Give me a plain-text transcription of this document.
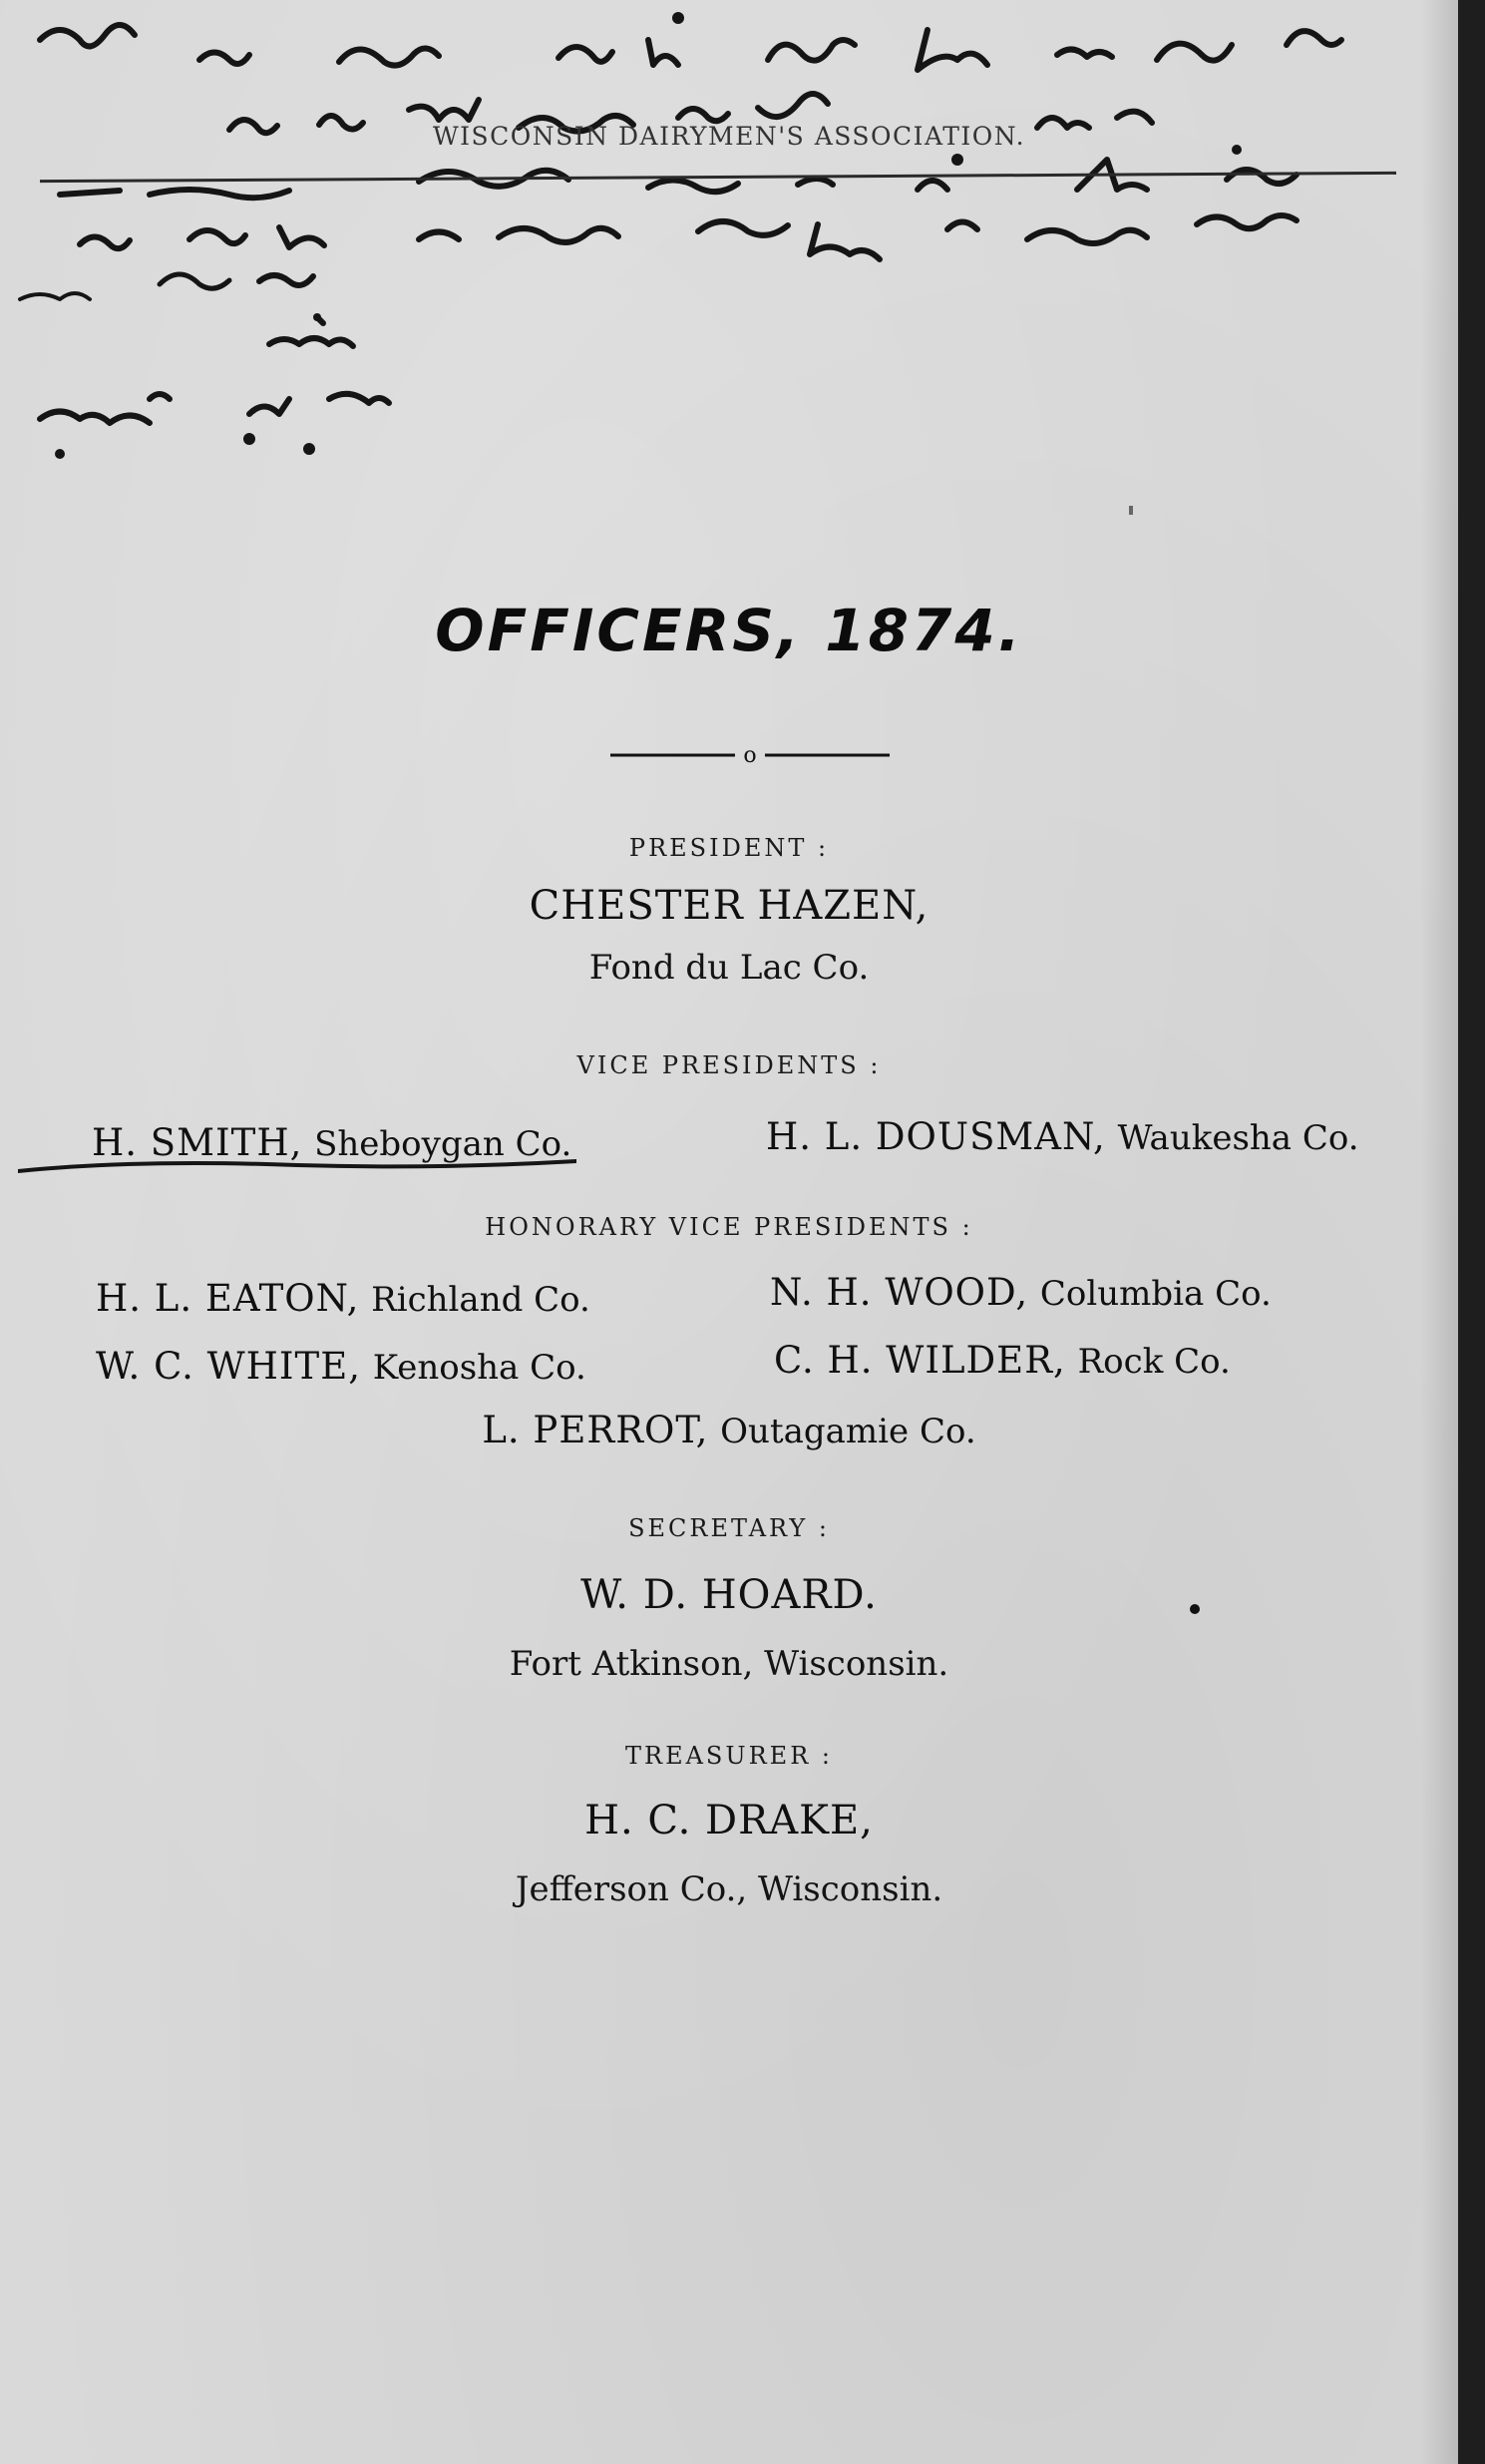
WISCONSIN DAIRYMEN'S ASSOCIATION.
OFFICERS, 1874.
o
PRESIDENT :
CHESTER HAZEN,
Fond du Lac Co.
VICE PRESIDENTS :
H. SMITH, Sheboygan Co.	H. L. DOUSMAN, Waukesha Co.
HONORARY VICE PRESIDENTS :
H. L. EATON, Richland Co.	N. H. WOOD, Columbia Co.
W. C. WHITE, Kenosha Co.	C. H. WILDER, Rock Co.
L. PERROT, Outagamie Co.
SECRETARY :
W. D. HOARD.
Fort Atkinson, Wisconsin.
TREASURER :
H. C. DRAKE,
Jefferson Co., Wisconsin.
